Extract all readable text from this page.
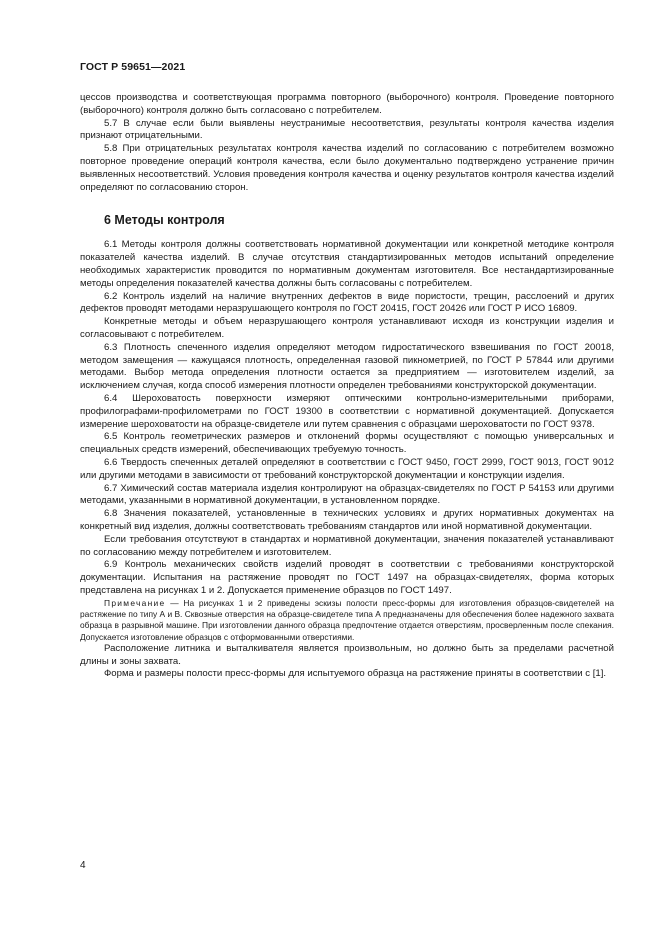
ГОСТ Р 59651—2021

цессов производства и соответствующая программа повторного (выборочного) контроля. Проведение повторного (выборочного) контроля должно быть согласовано с потребителем.

5.7 В случае если были выявлены неустранимые несоответствия, результаты контроля качества изделия признают отрицательными.

5.8 При отрицательных результатах контроля качества изделий по согласованию с потребителем возможно повторное проведение операций контроля качества, если было документально подтверждено устранение причин выявленных несоответствий. Условия проведения контроля качества и оценку результатов контроля качества изделий определяют по согласованию сторон.

6 Методы контроля

6.1 Методы контроля должны соответствовать нормативной документации или конкретной методике контроля показателей качества изделий. В случае отсутствия стандартизированных методов испытаний определение необходимых характеристик проводится по нормативным документам изготовителя. Все нестандартизированные методы определения показателей качества должны быть согласованы с потребителем.

6.2 Контроль изделий на наличие внутренних дефектов в виде пористости, трещин, расслоений и других дефектов проводят методами неразрушающего контроля по ГОСТ 20415, ГОСТ 20426 или ГОСТ Р ИСО 16809.

Конкретные методы и объем неразрушающего контроля устанавливают исходя из конструкции изделия и согласовывают с потребителем.

6.3 Плотность спеченного изделия определяют методом гидростатического взвешивания по ГОСТ 20018, методом замещения — кажущаяся плотность, определенная газовой пикнометрией, по ГОСТ Р 57844 или другими методами. Выбор метода определения плотности остается за предприятием — изготовителем изделий, за исключением случая, когда способ измерения плотности определен требованиями конструкторской документации.

6.4 Шероховатость поверхности измеряют оптическими контрольно-измерительными приборами, профилографами-профилометрами по ГОСТ 19300 в соответствии с нормативной документацией. Допускается измерение шероховатости на образце-свидетеле или путем сравнения с образцами шероховатости по ГОСТ 9378.

6.5 Контроль геометрических размеров и отклонений формы осуществляют с помощью универсальных и специальных средств измерений, обеспечивающих требуемую точность.

6.6 Твердость спеченных деталей определяют в соответствии с ГОСТ 9450, ГОСТ 2999, ГОСТ 9013, ГОСТ 9012 или другими методами в зависимости от требований конструкторской документации и конструкции изделия.

6.7 Химический состав материала изделия контролируют на образцах-свидетелях по ГОСТ Р 54153 или другими методами, указанными в нормативной документации, в установленном порядке.

6.8 Значения показателей, установленные в технических условиях и других нормативных документах на конкретный вид изделия, должны соответствовать требованиям стандартов или иной нормативной документации.

Если требования отсутствуют в стандартах и нормативной документации, значения показателей устанавливают по согласованию между потребителем и изготовителем.

6.9 Контроль механических свойств изделий проводят в соответствии с требованиями конструкторской документации. Испытания на растяжение проводят по ГОСТ 1497 на образцах-свидетелях, форма которых представлена на рисунках 1 и 2. Допускается применение образцов по ГОСТ 1497.

Примечание — На рисунках 1 и 2 приведены эскизы полости пресс-формы для изготовления образцов-свидетелей на растяжение по типу А и В. Сквозные отверстия на образце-свидетеле типа А предназначены для обеспечения более надежного захвата образца в разрывной машине. При изготовлении данного образца предпочтение отдается отверстиям, просверленным после спекания. Допускается изготовление образцов с отформованными отверстиями.

Расположение литника и выталкивателя является произвольным, но должно быть за пределами расчетной длины и зоны захвата.

Форма и размеры полости пресс-формы для испытуемого образца на растяжение приняты в соответствии с [1].

4
